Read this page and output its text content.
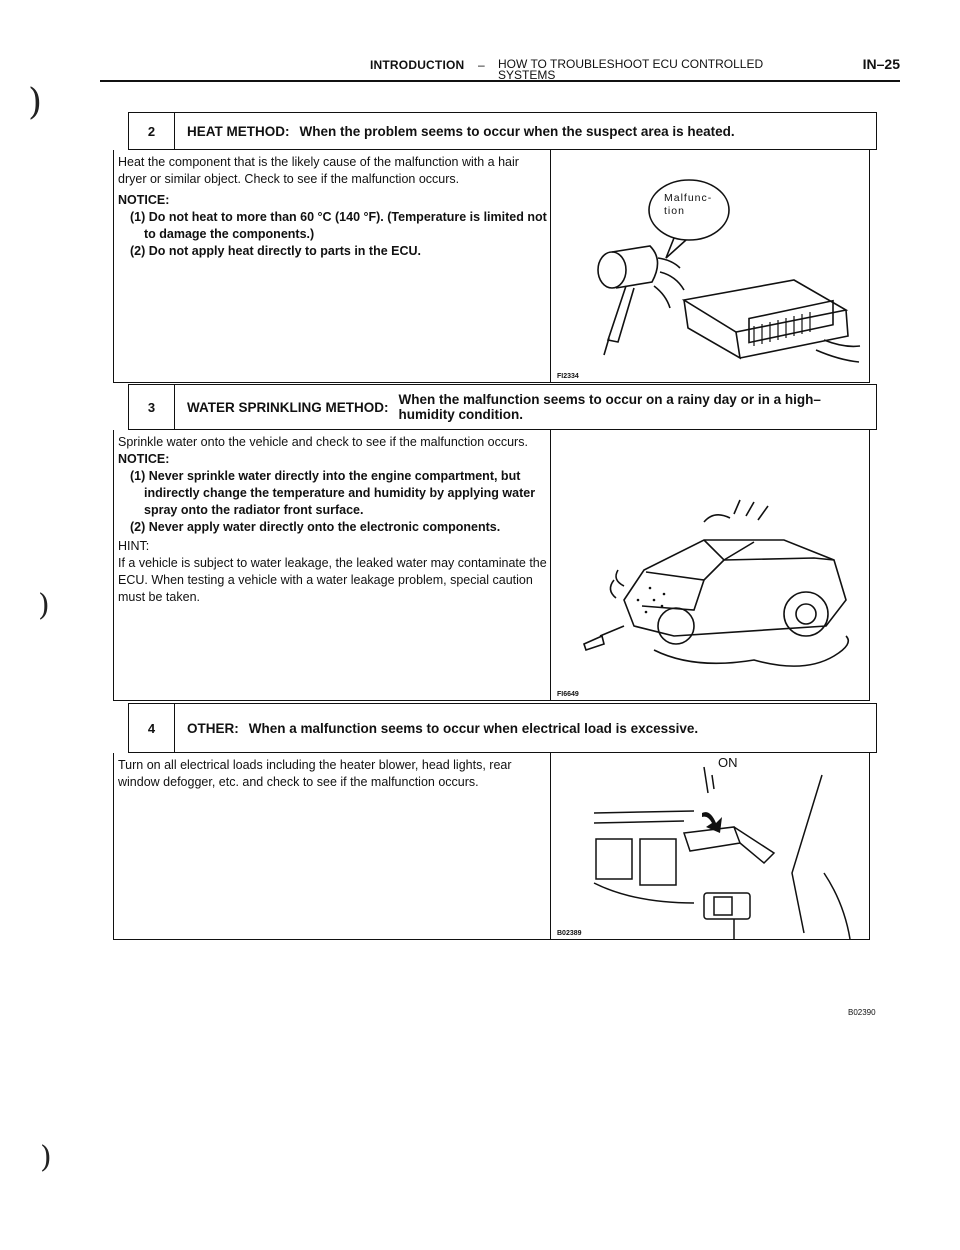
INTRODUCTION – HOW TO TROUBLESHOOT ECU CONTROLLED
SYSTEMS
IN–25
)
)
)
2	HEAT METHOD: When the problem seems to occur when the suspect area is heated.

Heat the component that is the likely cause of the malfunction with a hair dryer or similar object. Check to see if the malfunction occurs.

NOTICE:

(1) Do not heat to more than 60 °C (140 °F). (Temperature is limited not to damage the components.)

(2) Do not apply heat directly to parts in the ECU.

Malfunc-tion
FI2334
3	WATER SPRINKLING METHOD: When the malfunction seems to occur on a rainy day or in a high–humidity condition.

Sprinkle water onto the vehicle and check to see if the malfunction occurs.

NOTICE:

(1) Never sprinkle water directly into the engine compartment, but indirectly change the temperature and humidity by applying water spray onto the radiator front surface.

(2) Never apply water directly onto the electronic components.

HINT:

If a vehicle is subject to water leakage, the leaked water may contaminate the ECU. When testing a vehicle with a water leakage problem, special caution must be taken.

FI6649
4	OTHER: When a malfunction seems to occur when electrical load is excessive.

Turn on all electrical loads including the heater blower, head lights, rear window defogger, etc. and check to see if the malfunction occurs.

ON
B02389
B02390
